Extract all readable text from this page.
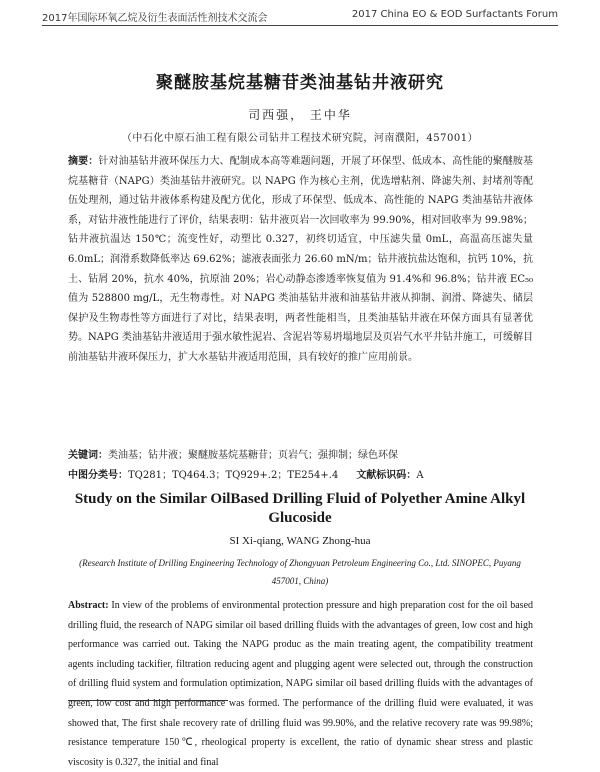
2017年国际环氧乙烷及衍生表面活性剂技术交流会	2017 China EO & EOD Surfactants Forum
聚醚胺基烷基糖苷类油基钻井液研究
司西强， 王中华
（中石化中原石油工程有限公司钻井工程技术研究院，河南濮阳，457001）

摘要：针对油基钻井液环保压力大、配制成本高等难题问题，开展了环保型、低成本、高性能的聚醚胺基烷基糖苷（NAPG）类油基钻井液研究。以 NAPG 作为核心主剂，优选增粘剂、降滤失剂、封堵剂等配伍处理剂，通过钻井液体系构建及配方优化，形成了环保型、低成本、高性能的 NAPG 类油基钻井液体系，对钻井液性能进行了评价，结果表明：钻井液页岩一次回收率为 99.90%，相对回收率为 99.98%；钻井液抗温达 150℃；流变性好，动塑比 0.327，初终切适宜，中压滤失量 0mL，高温高压滤失量 6.0mL；润滑系数降低率达 69.62%；滤液表面张力 26.60 mN/m；钻井液抗盐达饱和，抗钙 10%，抗土、钻屑 20%，抗水 40%，抗原油 20%；岩心动静态渗透率恢复值为 91.4%和 96.8%；钻井液 EC₅₀值为 528800 mg/L，无生物毒性。对 NAPG 类油基钻井液和油基钻井液从抑制、润滑、降滤失、储层保护及生物毒性等方面进行了对比，结果表明，两者性能相当，且类油基钻井液在环保方面具有显著优势。NAPG 类油基钻井液适用于强水敏性泥岩、含泥岩等易坍塌地层及页岩气水平井钻井施工，可缓解目前油基钻井液环保压力，扩大水基钻井液适用范围，具有较好的推广应用前景。

关键词：类油基；钻井液；聚醚胺基烷基糖苷；页岩气；强抑制；绿色环保

中图分类号：TQ281；TQ464.3；TQ929+.2；TE254+.4 文献标识码：A

Study on the Similar OilBased Drilling Fluid of Polyether Amine Alkyl Glucoside

SI Xi-qiang, WANG Zhong-hua

(Research Institute of Drilling Engineering Technology of Zhongyuan Petroleum Engineering Co., Ltd. SINOPEC, Puyang 457001, China)

Abstract: In view of the problems of environmental protection pressure and high preparation cost for the oil based drilling fluid, the research of NAPG similar oil based drilling fluids with the advantages of green, low cost and high performance was carried out. Taking the NAPG produc as the main treating agent, the compatibility treatment agents including tackifier, filtration reducing agent and plugging agent were selected out, through the construction of drilling fluid system and formulation optimization, NAPG similar oil based drilling fluids with the advantages of green, low cost and high performance was formed. The performance of the drilling fluid were evaluated, it was showed that, The first shale recovery rate of drilling fluid was 99.90%, and the relative recovery rate was 99.98%; resistance temperature 150℃, rheological property is excellent, the ratio of dynamic shear stress and plastic viscosity is 0.327, the initial and final
